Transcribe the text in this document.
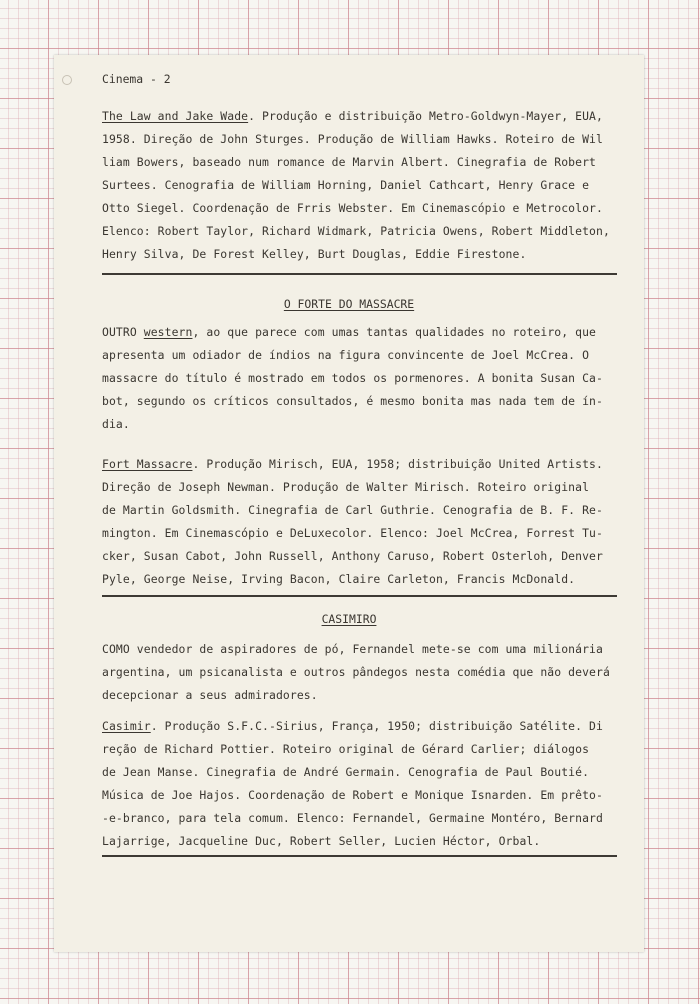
Cinema - 2

The Law and Jake Wade. Produção e distribuição Metro-Goldwyn-Mayer, EUA,

1958. Direção de John Sturges. Produção de William Hawks. Roteiro de Wil

liam Bowers, baseado num romance de Marvin Albert. Cinegrafia de Robert

Surtees. Cenografia de William Horning, Daniel Cathcart, Henry Grace e

Otto Siegel. Coordenação de Frris Webster. Em Cinemascópio e Metrocolor.

Elenco: Robert Taylor, Richard Widmark, Patricia Owens, Robert Middleton,

Henry Silva, De Forest Kelley, Burt Douglas, Eddie Firestone.

O FORTE DO MASSACRE

OUTRO western, ao que parece com umas tantas qualidades no roteiro, que

apresenta um odiador de índios na figura convincente de Joel McCrea. O

massacre do título é mostrado em todos os pormenores. A bonita Susan Ca-

bot, segundo os críticos consultados, é mesmo bonita mas nada tem de ín-

dia.

Fort Massacre. Produção Mirisch, EUA, 1958; distribuição United Artists.

Direção de Joseph Newman. Produção de Walter Mirisch. Roteiro original

de Martin Goldsmith. Cinegrafia de Carl Guthrie. Cenografia de B. F. Re-

mington. Em Cinemascópio e DeLuxecolor. Elenco: Joel McCrea, Forrest Tu-

cker, Susan Cabot, John Russell, Anthony Caruso, Robert Osterloh, Denver

Pyle, George Neise, Irving Bacon, Claire Carleton, Francis McDonald.

CASIMIRO

COMO vendedor de aspiradores de pó, Fernandel mete-se com uma milionária

argentina, um psicanalista e outros pândegos nesta comédia que não deverá

decepcionar a seus admiradores.

Casimir. Produção S.F.C.-Sirius, França, 1950; distribuição Satélite. Di

reção de Richard Pottier. Roteiro original de Gérard Carlier; diálogos

de Jean Manse. Cinegrafia de André Germain. Cenografia de Paul Boutié.

Música de Joe Hajos. Coordenação de Robert e Monique Isnarden. Em prêto-

-e-branco, para tela comum. Elenco: Fernandel, Germaine Montéro, Bernard

Lajarrige, Jacqueline Duc, Robert Seller, Lucien Héctor, Orbal.
